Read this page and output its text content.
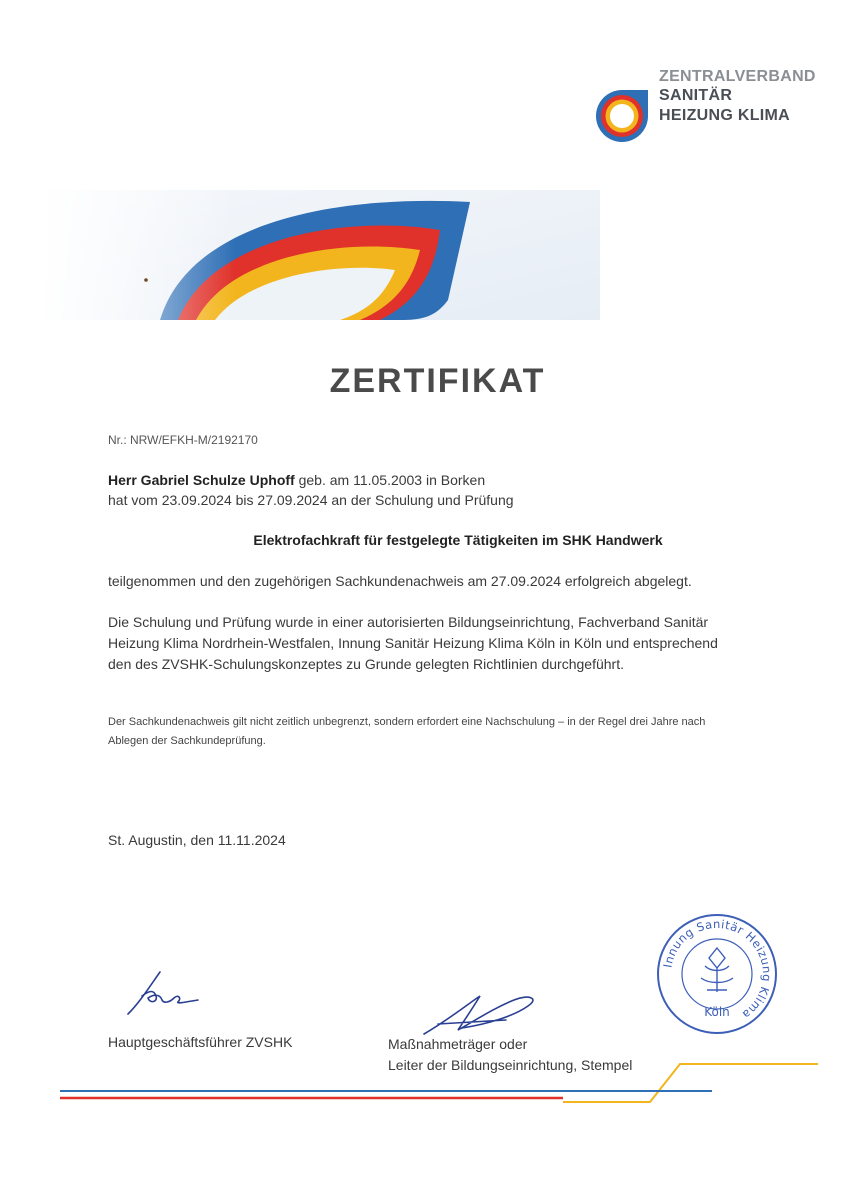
ZENTRALVERBAND
SANITÄR
HEIZUNG KLIMA
ZERTIFIKAT
Nr.: NRW/EFKH-M/2192170
Herr Gabriel Schulze Uphoff geb. am 11.05.2003 in Borken
hat vom 23.09.2024 bis 27.09.2024 an der Schulung und Prüfung
Elektrofachkraft für festgelegte Tätigkeiten im SHK Handwerk
teilgenommen und den zugehörigen Sachkundenachweis am 27.09.2024 erfolgreich abgelegt.
Die Schulung und Prüfung wurde in einer autorisierten Bildungseinrichtung, Fachverband Sanitär Heizung Klima Nordrhein-Westfalen, Innung Sanitär Heizung Klima Köln in Köln und entsprechend den des ZVSHK-Schulungskonzeptes zu Grunde gelegten Richtlinien durchgeführt.
Der Sachkundenachweis gilt nicht zeitlich unbegrenzt, sondern erfordert eine Nachschulung – in der Regel drei Jahre nach Ablegen der Sachkundeprüfung.
St. Augustin, den 11.11.2024
Hauptgeschäftsführer ZVSHK	Maßnahmeträger oder
Leiter der Bildungseinrichtung, Stempel
Innung Sanitär Heizung Klima
Köln
